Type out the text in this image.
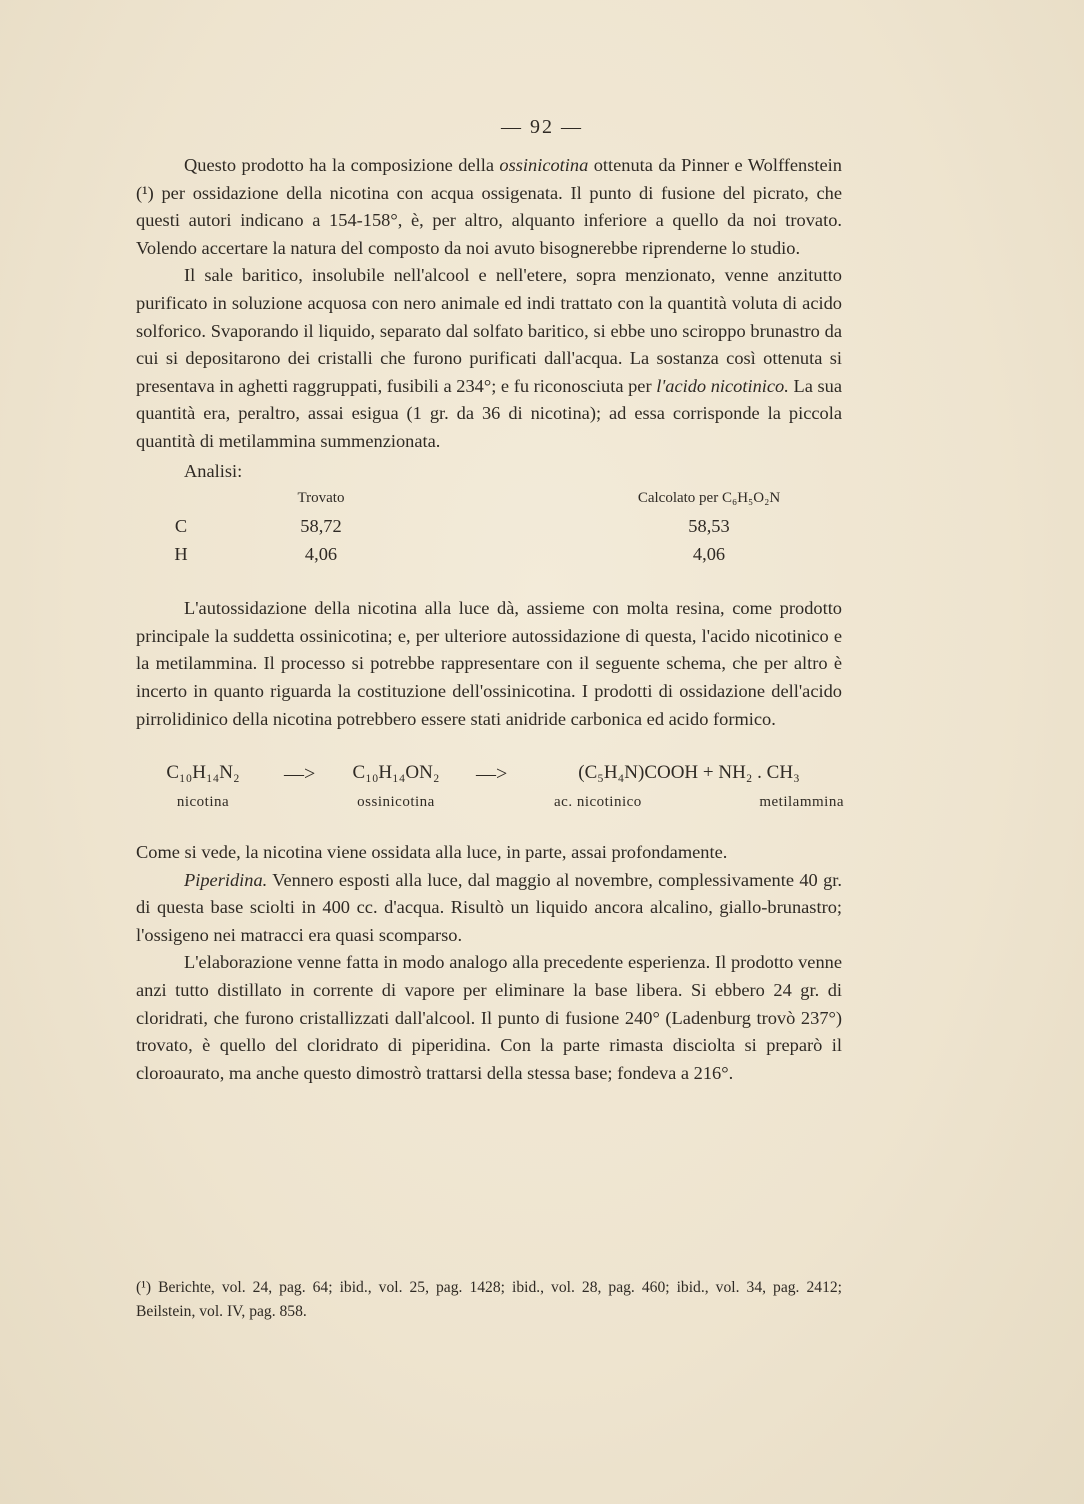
— 92 —

Questo prodotto ha la composizione della ossinicotina ottenuta da Pinner e Wolffenstein (¹) per ossidazione della nicotina con acqua ossigenata. Il punto di fusione del picrato, che questi autori indicano a 154-158°, è, per altro, alquanto inferiore a quello da noi trovato. Volendo accertare la natura del composto da noi avuto bisognerebbe riprenderne lo studio.

Il sale baritico, insolubile nell'alcool e nell'etere, sopra menzionato, venne anzitutto purificato in soluzione acquosa con nero animale ed indi trattato con la quantità voluta di acido solforico. Svaporando il liquido, separato dal solfato baritico, si ebbe uno sciroppo brunastro da cui si depositarono dei cristalli che furono purificati dall'acqua. La sostanza così ottenuta si presentava in aghetti raggruppati, fusibili a 234°; e fu riconosciuta per l'acido nicotinico. La sua quantità era, peraltro, assai esigua (1 gr. da 36 di nicotina); ad essa corrisponde la piccola quantità di metilammina summenzionata.

Analisi:
	Trovato		Calcolato per C₆H₅O₂N
C	58,72		58,53
H	4,06		4,06

L'autossidazione della nicotina alla luce dà, assieme con molta resina, come prodotto principale la suddetta ossinicotina; e, per ulteriore autossidazione di questa, l'acido nicotinico e la metilammina. Il processo si potrebbe rappresentare con il seguente schema, che per altro è incerto in quanto riguarda la costituzione dell'ossinicotina. I prodotti di ossidazione dell'acido pirrolidinico della nicotina potrebbero essere stati anidride carbonica ed acido formico.

C₁₀H₁₄N₂
nicotina
—>	C₁₀H₁₄ON₂
ossinicotina
—>	(C₅H₄N)COOH + NH₂ . CH₃
ac. nicotinico	metilammina

Come si vede, la nicotina viene ossidata alla luce, in parte, assai profondamente.

Piperidina. Vennero esposti alla luce, dal maggio al novembre, complessivamente 40 gr. di questa base sciolti in 400 cc. d'acqua. Risultò un liquido ancora alcalino, giallo-brunastro; l'ossigeno nei matracci era quasi scomparso.

L'elaborazione venne fatta in modo analogo alla precedente esperienza. Il prodotto venne anzi tutto distillato in corrente di vapore per eliminare la base libera. Si ebbero 24 gr. di cloridrati, che furono cristallizzati dall'alcool. Il punto di fusione 240° (Ladenburg trovò 237°) trovato, è quello del cloridrato di piperidina. Con la parte rimasta disciolta si preparò il cloroaurato, ma anche questo dimostrò trattarsi della stessa base; fondeva a 216°.

(¹) Berichte, vol. 24, pag. 64; ibid., vol. 25, pag. 1428; ibid., vol. 28, pag. 460; ibid., vol. 34, pag. 2412; Beilstein, vol. IV, pag. 858.
